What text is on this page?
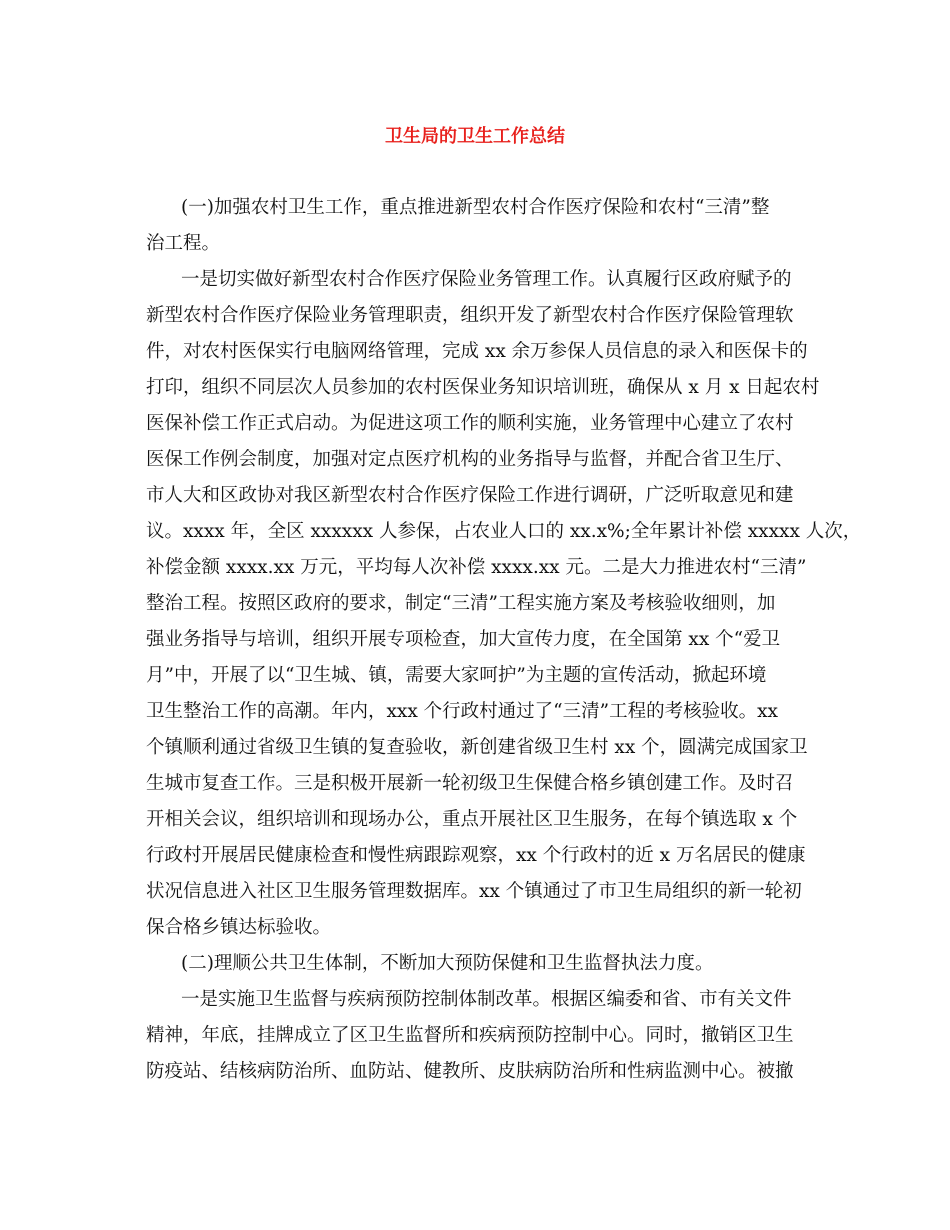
卫生局的卫生工作总结
(一)加强农村卫生工作，重点推进新型农村合作医疗保险和农村“三清”整
治工程。
一是切实做好新型农村合作医疗保险业务管理工作。认真履行区政府赋予的
新型农村合作医疗保险业务管理职责，组织开发了新型农村合作医疗保险管理软
件，对农村医保实行电脑网络管理，完成 xx 余万参保人员信息的录入和医保卡的
打印，组织不同层次人员参加的农村医保业务知识培训班，确保从 x 月 x 日起农村
医保补偿工作正式启动。为促进这项工作的顺利实施，业务管理中心建立了农村
医保工作例会制度，加强对定点医疗机构的业务指导与监督，并配合省卫生厅、
市人大和区政协对我区新型农村合作医疗保险工作进行调研，广泛听取意见和建
议。xxxx 年，全区 xxxxxx 人参保，占农业人口的 xx.x%;全年累计补偿 xxxxx 人次，
补偿金额 xxxx.xx 万元，平均每人次补偿 xxxx.xx 元。二是大力推进农村“三清”
整治工程。按照区政府的要求，制定“三清”工程实施方案及考核验收细则，加
强业务指导与培训，组织开展专项检查，加大宣传力度，在全国第 xx 个“爱卫
月”中，开展了以“卫生城、镇，需要大家呵护”为主题的宣传活动，掀起环境
卫生整治工作的高潮。年内，xxx 个行政村通过了“三清”工程的考核验收。xx
个镇顺利通过省级卫生镇的复查验收，新创建省级卫生村 xx 个，圆满完成国家卫
生城市复查工作。三是积极开展新一轮初级卫生保健合格乡镇创建工作。及时召
开相关会议，组织培训和现场办公，重点开展社区卫生服务，在每个镇选取 x 个
行政村开展居民健康检查和慢性病跟踪观察，xx 个行政村的近 x 万名居民的健康
状况信息进入社区卫生服务管理数据库。xx 个镇通过了市卫生局组织的新一轮初
保合格乡镇达标验收。
(二)理顺公共卫生体制，不断加大预防保健和卫生监督执法力度。
一是实施卫生监督与疾病预防控制体制改革。根据区编委和省、市有关文件
精神，年底，挂牌成立了区卫生监督所和疾病预防控制中心。同时，撤销区卫生
防疫站、结核病防治所、血防站、健教所、皮肤病防治所和性病监测中心。被撤
